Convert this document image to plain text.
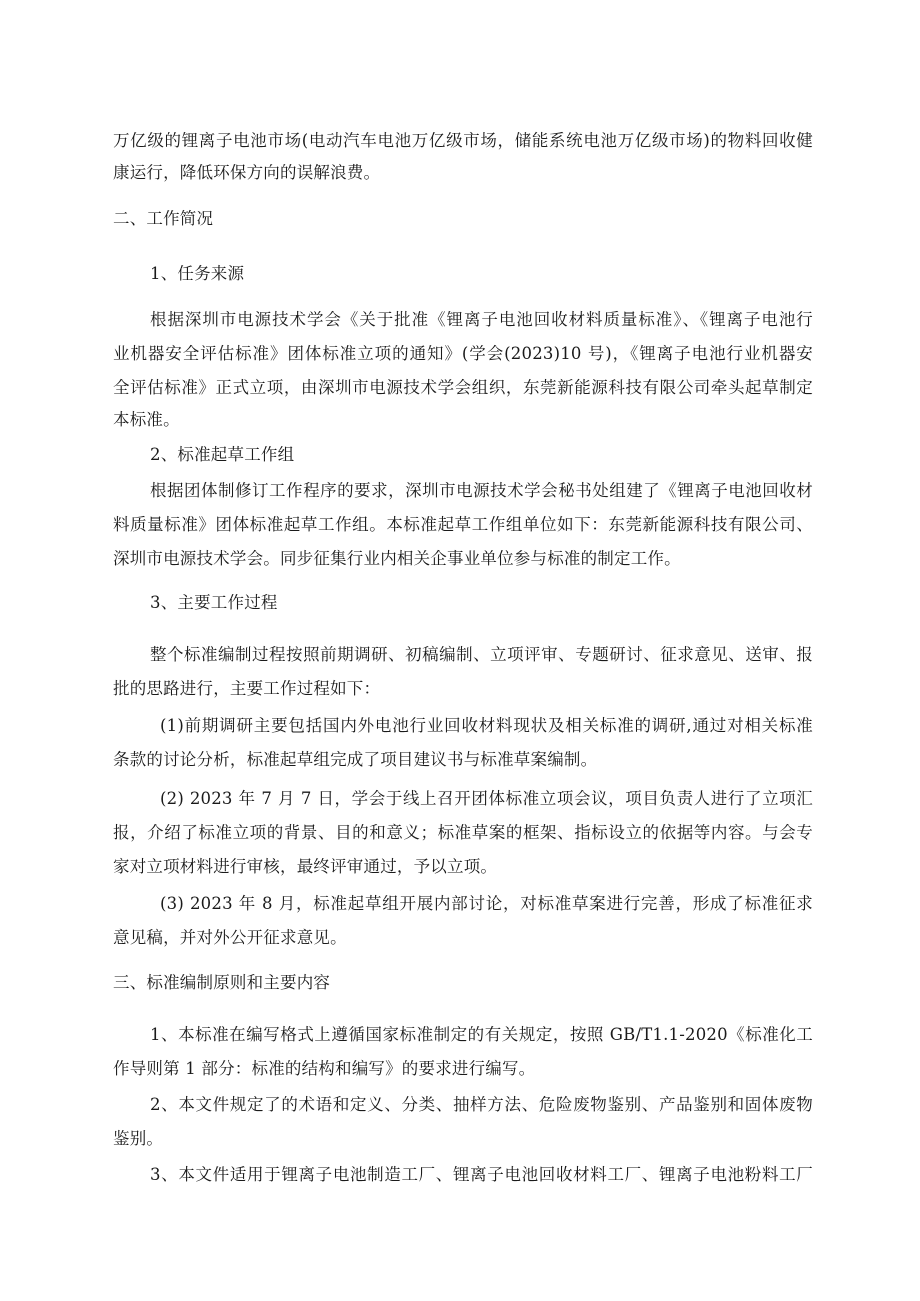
万亿级的锂离子电池市场(电动汽车电池万亿级市场，储能系统电池万亿级市场)的物料回收健
康运行，降低环保方向的误解浪费。
二、工作简况
1、任务来源
根据深圳市电源技术学会《关于批准《锂离子电池回收材料质量标准》、《锂离子电池行
业机器安全评估标准》团体标准立项的通知》(学会(2023)10 号)，《锂离子电池行业机器安
全评估标准》正式立项，由深圳市电源技术学会组织，东莞新能源科技有限公司牵头起草制定
本标准。
2、标准起草工作组
根据团体制修订工作程序的要求，深圳市电源技术学会秘书处组建了《锂离子电池回收材
料质量标准》团体标准起草工作组。本标准起草工作组单位如下：东莞新能源科技有限公司、
深圳市电源技术学会。同步征集行业内相关企事业单位参与标准的制定工作。
3、主要工作过程
整个标准编制过程按照前期调研、初稿编制、立项评审、专题研讨、征求意见、送审、报
批的思路进行，主要工作过程如下：
(1)前期调研主要包括国内外电池行业回收材料现状及相关标准的调研,通过对相关标准
条款的讨论分析，标准起草组完成了项目建议书与标准草案编制。
(2) 2023 年 7 月 7 日，学会于线上召开团体标准立项会议，项目负责人进行了立项汇
报，介绍了标准立项的背景、目的和意义；标准草案的框架、指标设立的依据等内容。与会专
家对立项材料进行审核，最终评审通过，予以立项。
(3) 2023 年 8 月，标准起草组开展内部讨论，对标准草案进行完善，形成了标准征求
意见稿，并对外公开征求意见。
三、标准编制原则和主要内容
1、本标准在编写格式上遵循国家标准制定的有关规定，按照 GB/T1.1-2020《标准化工
作导则第 1 部分：标准的结构和编写》的要求进行编写。
2、本文件规定了的术语和定义、分类、抽样方法、危险废物鉴别、产品鉴别和固体废物
鉴别。
3、本文件适用于锂离子电池制造工厂、锂离子电池回收材料工厂、锂离子电池粉料工厂
